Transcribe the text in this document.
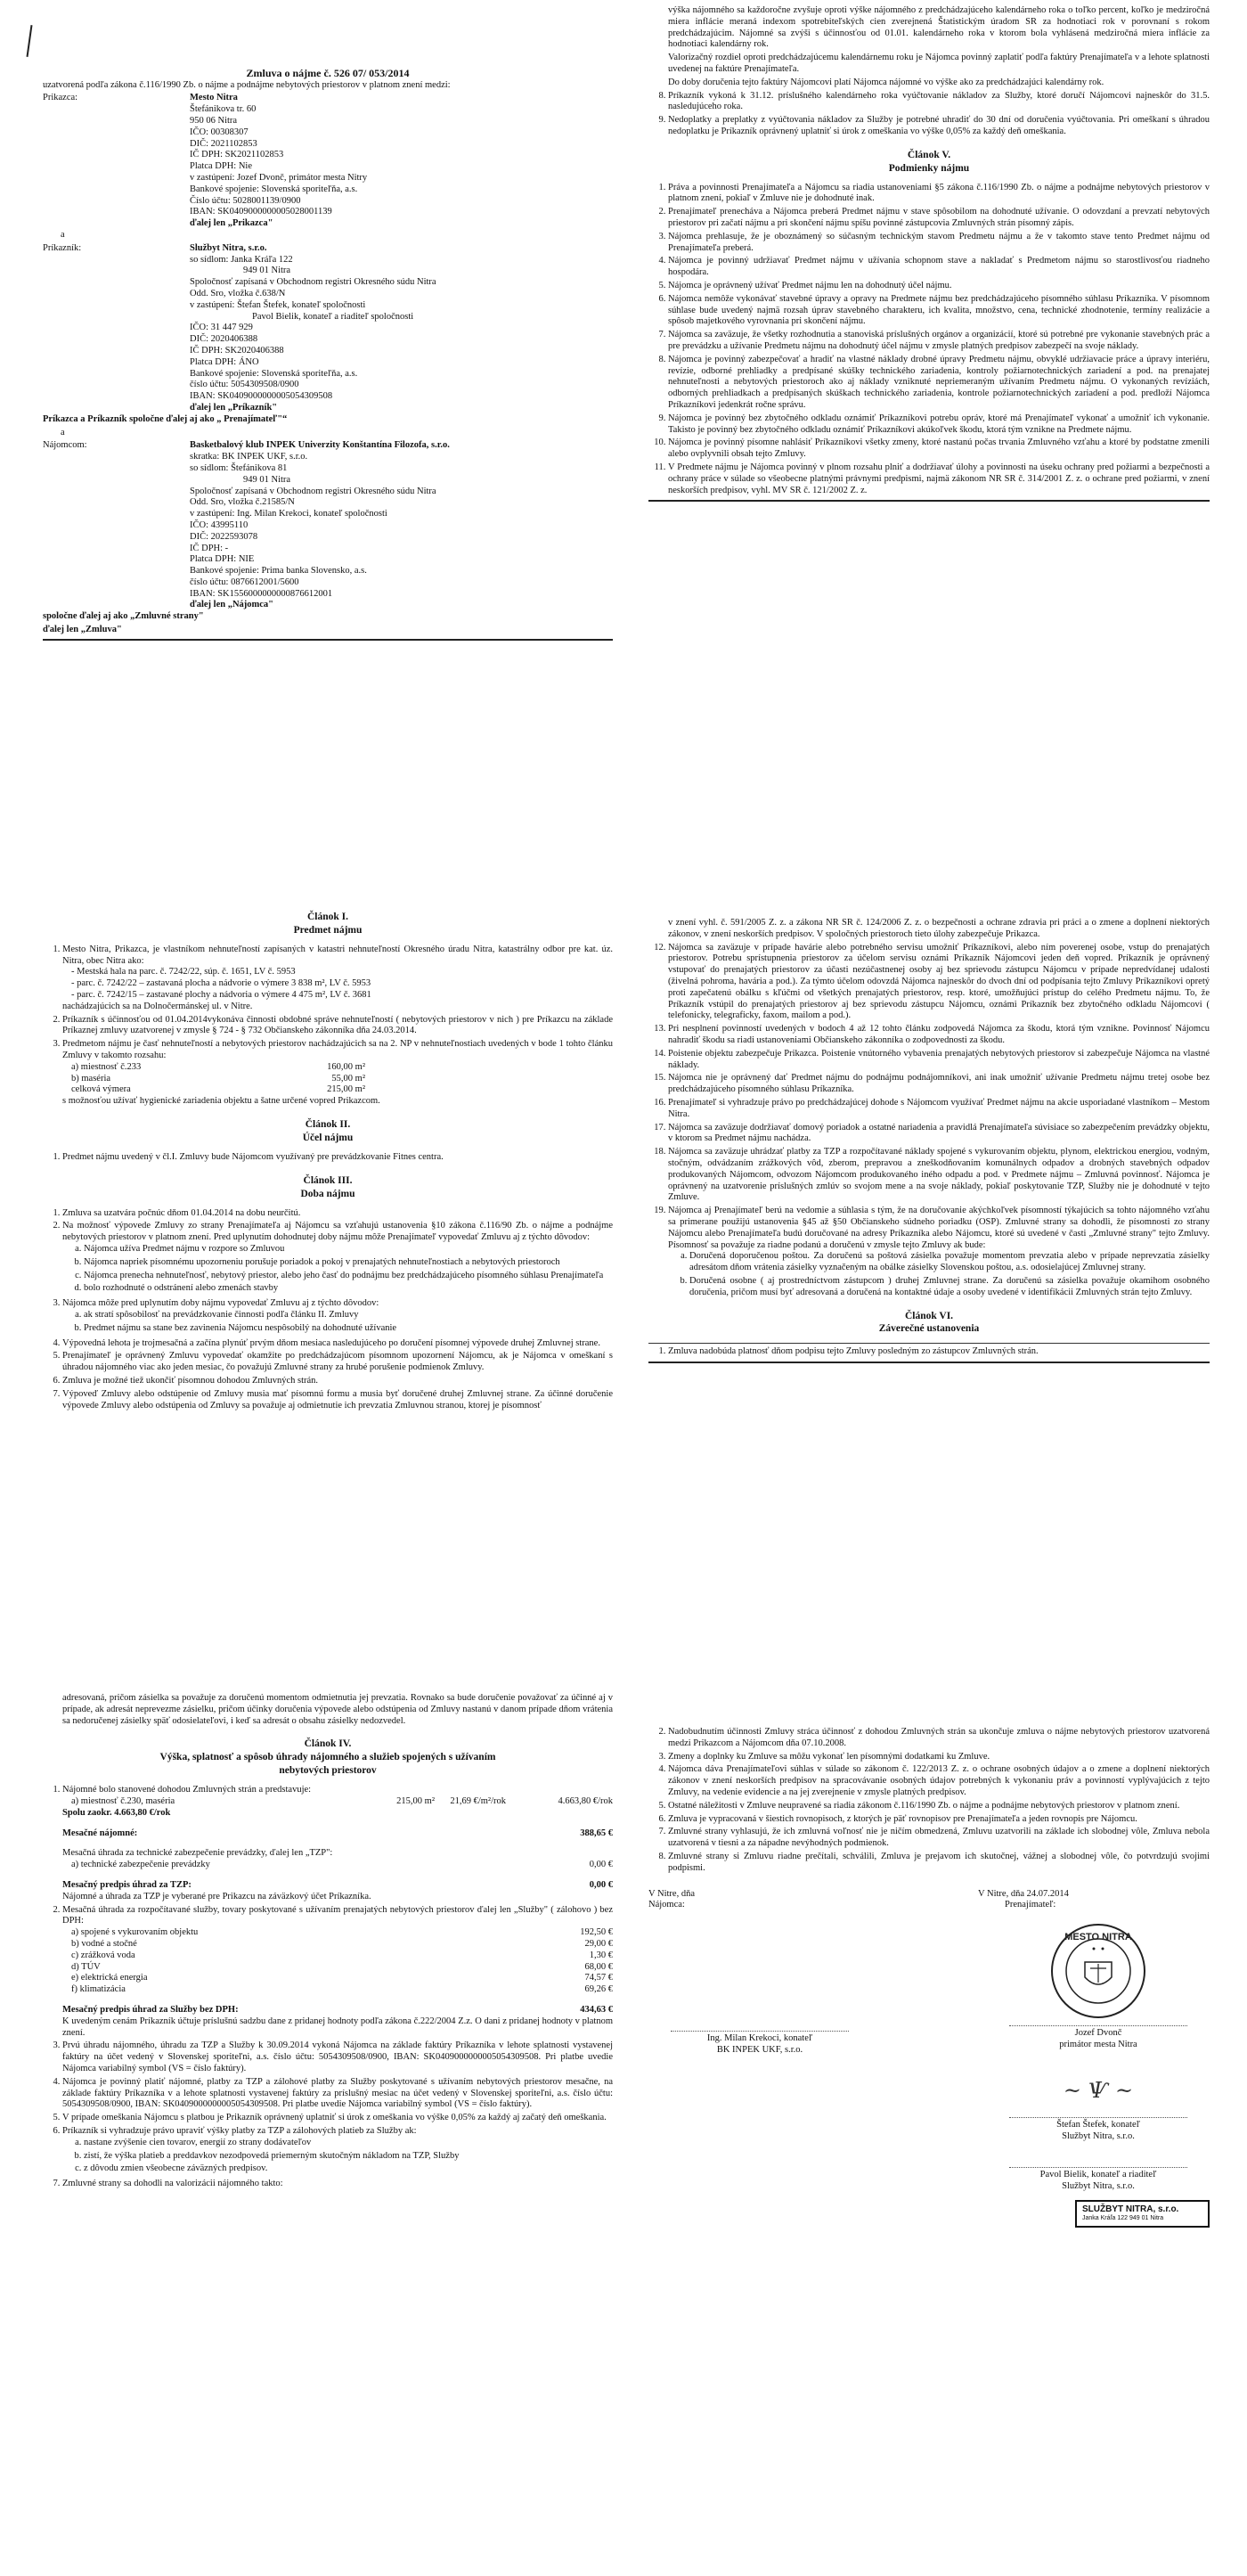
Zmluva o nájme č. 526 07/ 053/2014

uzatvorená podľa zákona č.116/1990 Zb. o nájme a podnájme nebytových priestorov v platnom znení medzi:

Prikazca:	Mesto Nitra

Štefánikova tr. 60

950 06 Nitra

IČO: 00308307

DIČ: 2021102853

IČ DPH: SK2021102853

Platca DPH: Nie

v zastúpení: Jozef Dvonč, primátor mesta Nitry

Bankové spojenie: Slovenská sporiteľňa, a.s.

Číslo účtu: 5028001139/0900

IBAN: SK0409000000005028001139

ďalej len „Prikazca"

a

Príkazník:	Službyt Nitra, s.r.o.

so sídlom: Janka Kráľa 122

949 01 Nitra

Spoločnosť zapísaná v Obchodnom registri Okresného súdu Nitra

Odd. Sro, vložka č.638/N

v zastúpení: Štefan Štefek, konateľ spoločnosti

Pavol Bielik, konateľ a riaditeľ spoločnosti

IČO: 31 447 929

DIČ: 2020406388

IČ DPH: SK2020406388

Platca DPH: ÁNO

Bankové spojenie: Slovenská sporiteľňa, a.s.

číslo účtu: 5054309508/0900

IBAN: SK0409000000005054309508

ďalej len „Príkazník"

Príkazca a Príkazník spoločne ďalej aj ako „ Prenajímateľ"“

a

Nájomcom:	Basketbalový klub INPEK Univerzity Konštantína Filozofa, s.r.o.

skratka: BK INPEK UKF, s.r.o.

so sídlom: Štefánikova 81

949 01 Nitra

Spoločnosť zapísaná v Obchodnom registri Okresného súdu Nitra

Odd. Sro, vložka č.21585/N

v zastúpení: Ing. Milan Krekoci, konateľ spoločnosti

IČO: 43995110

DIČ: 2022593078

IČ DPH: -

Platca DPH: NIE

Bankové spojenie: Prima banka Slovensko, a.s.

číslo účtu: 0876612001/5600

IBAN: SK1556000000000876612001

ďalej len „Nájomca"

spoločne ďalej aj ako „Zmluvné strany"

ďalej len „Zmluva"

výška nájomného sa každoročne zvyšuje oproti výške nájomného z predchádzajúceho kalendárneho roka o toľko percent, koľko je medziročná miera inflácie meraná indexom spotrebiteľských cien zverejnená Štatistickým úradom SR za hodnotiaci rok v porovnaní s rokom predchádzajúcim. Nájomné sa zvýši s účinnosťou od 01.01. kalendárneho roka v ktorom bola vyhlásená medziročná miera inflácie za hodnotiaci kalendárny rok.

Valorizačný rozdiel oproti predchádzajúcemu kalendárnemu roku je Nájomca povinný zaplatiť podľa faktúry Prenajímateľa v a lehote splatnosti uvedenej na faktúre Prenajímateľa.

Do doby doručenia tejto faktúry Nájomcovi platí Nájomca nájomné vo výške ako za predchádzajúci kalendárny rok.

8. Príkazník vykoná k 31.12. príslušného kalendárneho roka vyúčtovanie nákladov za Služby, ktoré doručí Nájomcovi najneskôr do 31.5. nasledujúceho roka.
9. Nedoplatky a preplatky z vyúčtovania nákladov za Služby je potrebné uhradiť do 30 dní od doručenia vyúčtovania. Pri omeškaní s úhradou nedoplatku je Príkazník oprávnený uplatniť si úrok z omeškania vo výške 0,05% za každý deň omeškania.
Článok V.
Podmienky nájmu
1. Práva a povinnosti Prenajímateľa a Nájomcu sa riadia ustanoveniami §5 zákona č.116/1990 Zb. o nájme a podnájme nebytových priestorov v platnom znení, pokiaľ v Zmluve nie je dohodnuté inak.
2. Prenajímateľ prenecháva a Nájomca preberá Predmet nájmu v stave spôsobilom na dohodnuté užívanie. O odovzdaní a prevzatí nebytových priestorov pri začatí nájmu a pri skončení nájmu spíšu povinné zástupcovia Zmluvných strán písomný zápis.
3. Nájomca prehlasuje, že je oboznámený so súčasným technickým stavom Predmetu nájmu a že v takomto stave tento Predmet nájmu od Prenajímateľa preberá.
4. Nájomca je povinný udržiavať Predmet nájmu v užívania schopnom stave a nakladať s Predmetom nájmu so starostlivosťou riadneho hospodára.
5. Nájomca je oprávnený užívať Predmet nájmu len na dohodnutý účel nájmu.
6. Nájomca nemôže vykonávať stavebné úpravy a opravy na Predmete nájmu bez predchádzajúceho písomného súhlasu Príkazníka. V písomnom súhlase bude uvedený najmä rozsah úprav stavebného charakteru, ich kvalita, množstvo, cena, technické zhodnotenie, termíny realizácie a spôsob majetkového vyrovnania pri skončení nájmu.
7. Nájomca sa zaväzuje, že všetky rozhodnutia a stanoviská príslušných orgánov a organizácií, ktoré sú potrebné pre vykonanie stavebných prác a pre prevádzku a užívanie Predmetu nájmu na dohodnutý účel nájmu v zmysle platných predpisov zabezpečí na svoje náklady.
8. Nájomca je povinný zabezpečovať a hradiť na vlastné náklady drobné úpravy Predmetu nájmu, obvyklé udržiavacie práce a úpravy interiéru, revízie, odborné prehliadky a predpísané skúšky technického zariadenia, kontroly požiarnotechnických zariadení a pod. na prenajatej nehnuteľnosti a nebytových priestoroch ako aj náklady vzniknuté nepriemeraným užívaním Predmetu nájmu. O vykonaných revíziách, odborných prehliadkach a predpísaných skúškach technického zariadenia, kontrole požiarnotechnických zariadení a pod. predloží Nájomca Príkazníkovi jedenkrát ročne správu.
9. Nájomca je povinný bez zbytočného odkladu oznámiť Príkazníkovi potrebu opráv, ktoré má Prenajímateľ vykonať a umožniť ich vykonanie. Takisto je povinný bez zbytočného odkladu oznámiť Príkazníkovi akúkoľvek škodu, ktorá tým vznikne na Predmete nájmu.
10. Nájomca je povinný písomne nahlásiť Príkazníkovi všetky zmeny, ktoré nastanú počas trvania Zmluvného vzťahu a ktoré by podstatne zmenili alebo ovplyvnili obsah tejto Zmluvy.
11. V Predmete nájmu je Nájomca povinný v plnom rozsahu plniť a dodržiavať úlohy a povinnosti na úseku ochrany pred požiarmi a bezpečnosti a ochrany práce v súlade so všeobecne platnými právnymi predpismi, najmä zákonom NR SR č. 314/2001 Z. z. o ochrane pred požiarmi, v znení neskorších predpisov, vyhl. MV SR č. 121/2002 Z. z.
Článok I.
Predmet nájmu
1. Mesto Nitra, Prikazca, je vlastníkom nehnuteľností zapísaných v katastri nehnuteľností Okresného úradu Nitra, katastrálny odbor pre kat. úz. Nitra, obec Nitra ako:
- Mestská hala na parc. č. 7242/22, súp. č. 1651, LV č. 5953
- parc. č. 7242/22 – zastavaná plocha a nádvorie o výmere 3 838 m², LV č. 5953
- parc. č. 7242/15 – zastavané plochy a nádvoria o výmere 4 475 m², LV č. 3681
nachádzajúcich sa na Dolnočermánskej ul. v Nitre.
2. Príkazník s účinnosťou od 01.04.2014vykonáva činnosti obdobné správe nehnuteľností ( nebytových priestorov v nich ) pre Príkazcu na základe Príkaznej zmluvy uzatvorenej v zmysle § 724 - § 732 Občianskeho zákonníka dňa 24.03.2014.
3. Predmetom nájmu je časť nehnuteľností a nebytových priestorov nachádzajúcich sa na 2. NP v nehnuteľnostiach uvedených v bode 1 tohto článku Zmluvy v takomto rozsahu:
a) miestnosť č.233	160,00 m²
b) maséria	55,00 m²
celková výmera	215,00 m²
s možnosťou užívať hygienické zariadenia objektu a šatne určené vopred Prikazcom.
Článok II.
Účel nájmu
1. Predmet nájmu uvedený v čl.I. Zmluvy bude Nájomcom využívaný pre prevádzkovanie Fitnes centra.
Článok III.
Doba nájmu
1. Zmluva sa uzatvára počnúc dňom 01.04.2014 na dobu neurčitú.
2. Na možnosť výpovede Zmluvy zo strany Prenajímateľa aj Nájomcu sa vzťahujú ustanovenia §10 zákona č.116/90 Zb. o nájme a podnájme nebytových priestorov v platnom znení. Pred uplynutím dohodnutej doby nájmu môže Prenajímateľ vypovedať Zmluvu aj z týchto dôvodov:
a. Nájomca užíva Predmet nájmu v rozpore so Zmluvou
b. Nájomca napriek písomnému upozorneniu porušuje poriadok a pokoj v prenajatých nehnuteľnostiach a nebytových priestoroch
c. Nájomca prenecha nehnuteľnosť, nebytový priestor, alebo jeho časť do podnájmu bez predchádzajúceho písomného súhlasu Prenajímateľa
d. bolo rozhodnuté o odstránení alebo zmenách stavby
3. Nájomca môže pred uplynutím doby nájmu vypovedať Zmluvu aj z týchto dôvodov:
a. ak stratí spôsobilosť na prevádzkovanie činnosti podľa článku II. Zmluvy
b. Predmet nájmu sa stane bez zavinenia Nájomcu nespôsobilý na dohodnuté užívanie
4. Výpovedná lehota je trojmesačná a začína plynúť prvým dňom mesiaca nasledujúceho po doručení písomnej výpovede druhej Zmluvnej strane.
5. Prenajímateľ je oprávnený Zmluvu vypovedať okamžite po predchádzajúcom písomnom upozornení Nájomcu, ak je Nájomca v omeškaní s úhradou nájomného viac ako jeden mesiac, čo považujú Zmluvné strany za hrubé porušenie podmienok Zmluvy.
6. Zmluva je možné tiež ukončiť písomnou dohodou Zmluvných strán.
7. Výpoveď Zmluvy alebo odstúpenie od Zmluvy musia mať písomnú formu a musia byť doručené druhej Zmluvnej strane. Za účinné doručenie výpovede Zmluvy alebo odstúpenia od Zmluvy sa považuje aj odmietnutie ich prevzatia Zmluvnou stranou, ktorej je písomnosť

v znení vyhl. č. 591/2005 Z. z. a zákona NR SR č. 124/2006 Z. z. o bezpečnosti a ochrane zdravia pri práci a o zmene a doplnení niektorých zákonov, v znení neskorších predpisov. V spoločných priestoroch tieto úlohy zabezpečuje Prikazca.

12. Nájomca sa zaväzuje v prípade havárie alebo potrebného servisu umožniť Príkazníkovi, alebo ním poverenej osobe, vstup do prenajatých priestorov. Potrebu sprístupnenia priestorov za účelom servisu oznámi Príkazník Nájomcovi jeden deň vopred. Príkazník je oprávnený vstupovať do prenajatých priestorov za účasti nezúčastnenej osoby aj bez sprievodu zástupcu Nájomcu v prípade nepredvídanej udalosti (živelná pohroma, havária a pod.). Za týmto účelom odovzdá Nájomca najneskôr do dvoch dní od podpísania tejto Zmluvy Príkazníkovi opretý proti zapečatenú obálku s kľúčmi od všetkých prenajatých priestorov, resp. ktoré, umožňujúci prístup do celého Predmetu nájmu. To, že Príkazník vstúpil do prenajatých priestorov aj bez sprievodu zástupcu Nájomcu, oznámi Príkazník bez zbytočného odkladu Nájomcovi ( telefonicky, telegraficky, faxom, mailom a pod.).
13. Pri nesplnení povinností uvedených v bodoch 4 až 12 tohto článku zodpovedá Nájomca za škodu, ktorá tým vznikne. Povinnosť Nájomcu nahradiť škodu sa riadi ustanoveniami Občianskeho zákonníka o zodpovednosti za škodu.
14. Poistenie objektu zabezpečuje Prikazca. Poistenie vnútorného vybavenia prenajatých nebytových priestorov si zabezpečuje Nájomca na vlastné náklady.
15. Nájomca nie je oprávnený dať Predmet nájmu do podnájmu podnájomníkovi, ani inak umožniť užívanie Predmetu nájmu tretej osobe bez predchádzajúceho písomného súhlasu Príkazníka.
16. Prenajímateľ si vyhradzuje právo po predchádzajúcej dohode s Nájomcom využívať Predmet nájmu na akcie usporiadané vlastníkom – Mestom Nitra.
17. Nájomca sa zaväzuje dodržiavať domový poriadok a ostatné nariadenia a pravidlá Prenajímateľa súvisiace so zabezpečením prevádzky objektu, v ktorom sa Predmet nájmu nachádza.
18. Nájomca sa zaväzuje uhrádzať platby za TZP a rozpočítavané náklady spojené s vykurovaním objektu, plynom, elektrickou energiou, vodným, stočným, odvádzaním zrážkových vôd, zberom, prepravou a zneškodňovaním komunálnych odpadov a drobných stavebných odpadov produkovaných Nájomcom, odvozom Nájomcom produkovaného iného odpadu a pod. v Predmete nájmu – Zmluvná povinnosť. Nájomca je oprávnený na uzatvorenie príslušných zmlúv so svojom mene a na svoje náklady, pokiaľ poskytovanie TZP, Služby nie je dohodnuté v tejto Zmluve.
19. Nájomca aj Prenajímateľ berú na vedomie a súhlasia s tým, že na doručovanie akýchkoľvek písomností týkajúcich sa tohto nájomného vzťahu sa primerane použijú ustanovenia §45 až §50 Občianskeho súdneho poriadku (OSP). Zmluvné strany sa dohodli, že písomnosti zo strany Nájomcu alebo Prenajímateľa budú doručované na adresy Príkazníka alebo Nájomcu, ktoré sú uvedené v časti „Zmluvné strany" tejto Zmluvy. Písomnosť sa považuje za riadne podanú a doručenú v zmysle tejto Zmluvy ak bude:
a. Doručená doporučenou poštou. Za doručenú sa poštová zásielka považuje momentom prevzatia alebo v prípade neprevzatia zásielky adresátom dňom vrátenia zásielky vyznačeným na obálke zásielky Slovenskou poštou, a.s. odosielajúcej Zmluvnej strany.
b. Doručená osobne ( aj prostredníctvom zástupcom ) druhej Zmluvnej strane. Za doručenú sa zásielka považuje okamihom osobného doručenia, pričom musí byť adresovaná a doručená na kontaktné údaje a osoby uvedené v identifikácii Zmluvných strán tejto Zmluvy.
Článok VI.
Záverečné ustanovenia
1. Zmluva nadobúda platnosť dňom podpisu tejto Zmluvy posledným zo zástupcov Zmluvných strán.

adresovaná, pričom zásielka sa považuje za doručenú momentom odmietnutia jej prevzatia. Rovnako sa bude doručenie považovať za účinné aj v prípade, ak adresát neprevezme zásielku, pričom účinky doručenia výpovede alebo odstúpenia od Zmluvy nastanú v danom prípade dňom vrátenia sa nedoručenej zásielky späť odosielateľovi, i keď sa adresát o obsahu zásielky nedozvedel.

Článok IV.
Výška, splatnosť a spôsob úhrady nájomného a služieb spojených s užívaním
nebytových priestorov
1. Nájomné bolo stanovené dohodou Zmluvných strán a predstavuje:
a) miestnosť č.230, maséria	215,00 m²	21,69 €/m²/rok	4.663,80 €/rok
Spolu zaokr. 4.663,80 €/rok
Mesačné nájomné:	388,65 €
Mesačná úhrada za technické zabezpečenie prevádzky, ďalej len „TZP":
a) technické zabezpečenie prevádzky	0,00 €
Mesačný predpis úhrad za TZP:	0,00 €
Nájomné a úhrada za TZP je vyberané pre Prikazcu na záväzkový účet Príkazníka.
2. Mesačná úhrada za rozpočítavané služby, tovary poskytované s užívaním prenajatých nebytových priestorov ďalej len „Služby" ( zálohovo ) bez DPH:
a) spojené s vykurovaním objektu	192,50 €
b) vodné a stočné	29,00 €
c) zrážková voda	1,30 €
d) TÚV	68,00 €
e) elektrická energia	74,57 €
f) klimatizácia	69,26 €
Mesačný predpis úhrad za Služby bez DPH:	434,63 €
K uvedeným cenám Príkazník účtuje príslušnú sadzbu dane z pridanej hodnoty podľa zákona č.222/2004 Z.z. O dani z pridanej hodnoty v platnom znení.
3. Prvú úhradu nájomného, úhradu za TZP a Služby k 30.09.2014 vykoná Nájomca na základe faktúry Príkazníka v lehote splatnosti vystavenej faktúry na účet vedený v Slovenskej sporiteľni, a.s. číslo účtu: 5054309508/0900, IBAN: SK0409000000005054309508. Pri platbe uvedie Nájomca variabilný symbol (VS = číslo faktúry).
4. Nájomca je povinný platiť nájomné, platby za TZP a zálohové platby za Služby poskytované s užívaním nebytových priestorov mesačne, na základe faktúry Príkazníka v a lehote splatnosti vystavenej faktúry za príslušný mesiac na účet vedený v Slovenskej sporiteľni, a.s. číslo účtu: 5054309508/0900, IBAN: SK0409000000005054309508. Pri platbe uvedie Nájomca variabilný symbol (VS = číslo faktúry).
5. V prípade omeškania Nájomcu s platbou je Prikazník oprávnený uplatniť si úrok z omeškania vo výške 0,05% za každý aj začatý deň omeškania.
6. Príkazník si vyhradzuje právo upraviť výšky platby za TZP a zálohových platieb za Služby ak:
a. nastane zvýšenie cien tovarov, energií zo strany dodávateľov
b. zistí, že výška platieb a preddavkov nezodpovedá priemerným skutočným nákladom na TZP, Služby
c. z dôvodu zmien všeobecne záväzných predpisov.
7. Zmluvné strany sa dohodli na valorizácii nájomného takto:
2. Nadobudnutím účinnosti Zmluvy stráca účinnosť z dohodou Zmluvných strán sa ukončuje zmluva o nájme nebytových priestorov uzatvorená medzi Prikazcom a Nájomcom dňa 07.10.2008.
3. Zmeny a doplnky ku Zmluve sa môžu vykonať len písomnými dodatkami ku Zmluve.
4. Nájomca dáva Prenajímateľovi súhlas v súlade so zákonom č. 122/2013 Z. z. o ochrane osobných údajov a o zmene a doplnení niektorých zákonov v znení neskorších predpisov na spracovávanie osobných údajov potrebných k vykonaniu práv a povinností vyplývajúcich z tejto Zmluvy, na vedenie evidencie a na jej zverejnenie v zmysle platných predpisov.
5. Ostatné náležitosti v Zmluve neupravené sa riadia zákonom č.116/1990 Zb. o nájme a podnájme nebytových priestorov v platnom znení.
6. Zmluva je vypracovaná v šiestich rovnopisoch, z ktorých je päť rovnopisov pre Prenajímateľa a jeden rovnopis pre Nájomcu.
7. Zmluvné strany vyhlasujú, že ich zmluvná voľnosť nie je ničím obmedzená, Zmluvu uzatvorili na základe ich slobodnej vôle, Zmluva nebola uzatvorená v tiesni a za nápadne nevýhodných podmienok.
8. Zmluvné strany si Zmluvu riadne prečítali, schválili, Zmluva je prejavom ich skutočnej, vážnej a slobodnej vôle, čo potvrdzujú svojimi podpismi.
V Nitre, dňa
Nájomca:
V Nitre, dňa 24.07.2014
Prenajímateľ:
Ing. Milan Krekoci, konateľ
BK INPEK UKF, s.r.o.
MESTO NITRA
Jozef Dvonč
primátor mesta Nitra
~ Ѱ ~
Štefan Štefek, konateľ
Službyt Nitra, s.r.o.
Pavol Bielik, konateľ a riaditeľ
Službyt Nitra, s.r.o.
SLUŽBYT NITRA, s.r.o.
Janka Kráľa 122 949 01 Nitra
